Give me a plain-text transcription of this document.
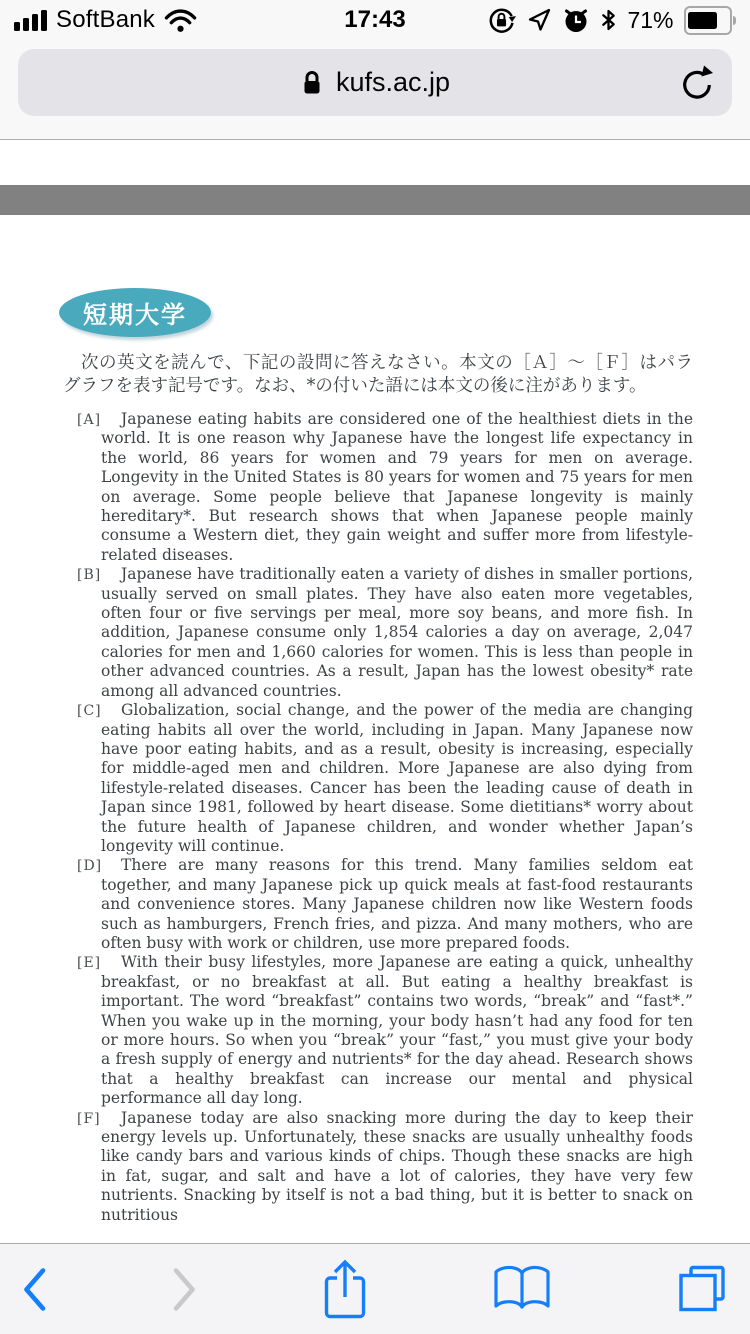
SoftBank	17:43	71%
kufs.ac.jp
短期大学

次の英文を読んで、下記の設問に答えなさい。本文の［Ａ］～［Ｆ］はパラグラフを表す記号です。なお、*の付いた語には本文の後に注があります。

[A]	Japanese eating habits are considered one of the healthiest diets in the world. It is one reason why Japanese have the longest life expectancy in the world, 86 years for women and 79 years for men on average. Longevity in the United States is 80 years for women and 75 years for men on average. Some people believe that Japanese longevity is mainly hereditary*. But research shows that when Japanese people mainly consume a Western diet, they gain weight and suffer more from lifestyle-related diseases.

[B]	Japanese have traditionally eaten a variety of dishes in smaller portions, usually served on small plates. They have also eaten more vegetables, often four or five servings per meal, more soy beans, and more fish. In addition, Japanese consume only 1,854 calories a day on average, 2,047 calories for men and 1,660 calories for women. This is less than people in other advanced countries. As a result, Japan has the lowest obesity* rate among all advanced countries.

[C]	Globalization, social change, and the power of the media are changing eating habits all over the world, including in Japan. Many Japanese now have poor eating habits, and as a result, obesity is increasing, especially for middle-aged men and children. More Japanese are also dying from lifestyle-related diseases. Cancer has been the leading cause of death in Japan since 1981, followed by heart disease. Some dietitians* worry about the future health of Japanese children, and wonder whether Japan’s longevity will continue.

[D]	There are many reasons for this trend. Many families seldom eat together, and many Japanese pick up quick meals at fast-food restaurants and convenience stores. Many Japanese children now like Western foods such as hamburgers, French fries, and pizza. And many mothers, who are often busy with work or children, use more prepared foods.

[E]	With their busy lifestyles, more Japanese are eating a quick, unhealthy breakfast, or no breakfast at all. But eating a healthy breakfast is important. The word “breakfast” contains two words, “break” and “fast*.” When you wake up in the morning, your body hasn’t had any food for ten or more hours. So when you “break” your “fast,” you must give your body a fresh supply of energy and nutrients* for the day ahead. Research shows that a healthy breakfast can increase our mental and physical performance all day long.

[F]	Japanese today are also snacking more during the day to keep their energy levels up. Unfortunately, these snacks are usually unhealthy foods like candy bars and various kinds of chips. Though these snacks are high in fat, sugar, and salt and have a lot of calories, they have very few nutrients. Snacking by itself is not a bad thing, but it is better to snack on nutritious
